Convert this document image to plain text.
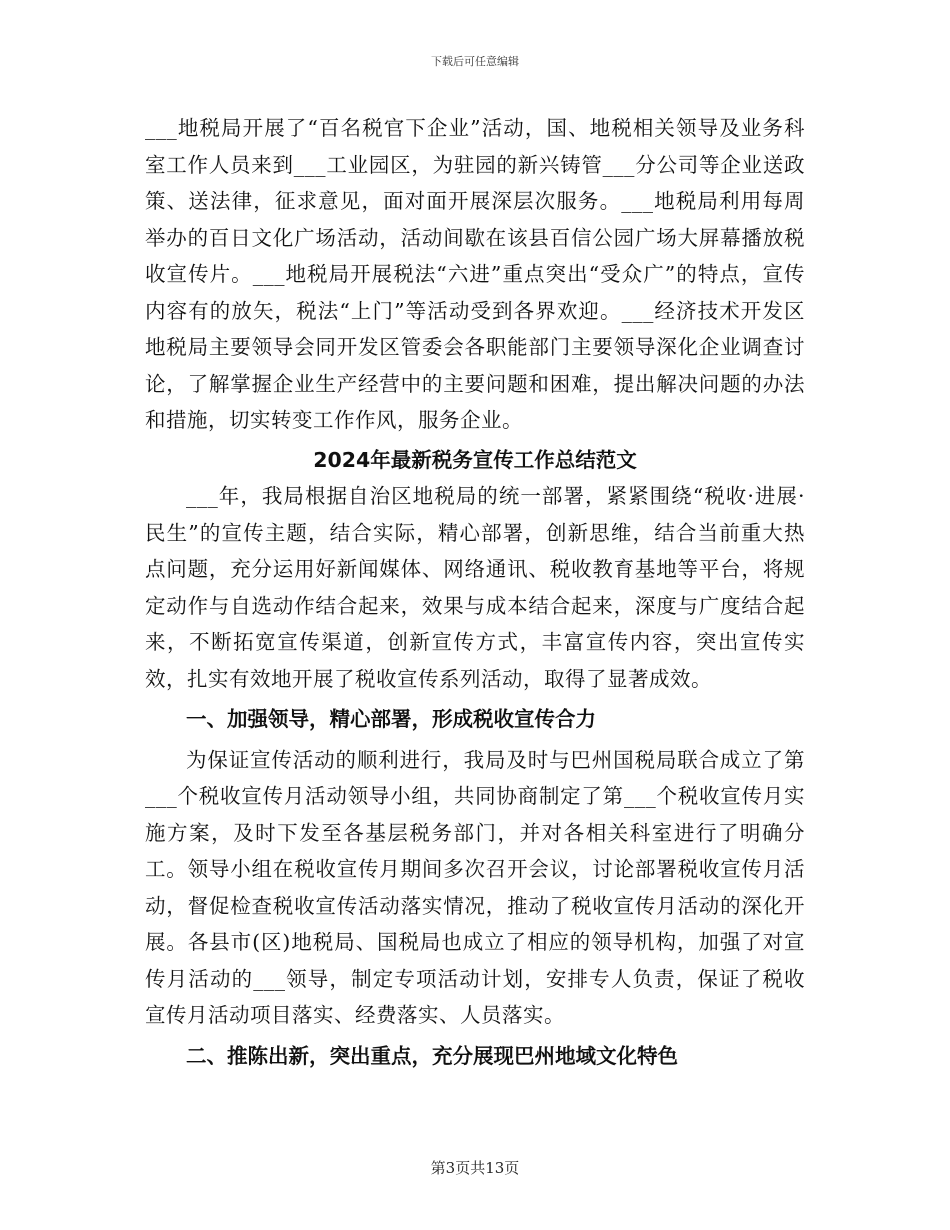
下载后可任意编辑

___地税局开展了“百名税官下企业”活动，国、地税相关领导及业务科室工作人员来到___工业园区，为驻园的新兴铸管___分公司等企业送政策、送法律，征求意见，面对面开展深层次服务。___地税局利用每周举办的百日文化广场活动，活动间歇在该县百信公园广场大屏幕播放税收宣传片。___地税局开展税法“六进”重点突出“受众广”的特点，宣传内容有的放矢，税法“上门”等活动受到各界欢迎。___经济技术开发区地税局主要领导会同开发区管委会各职能部门主要领导深化企业调查讨论，了解掌握企业生产经营中的主要问题和困难，提出解决问题的办法和措施，切实转变工作作风，服务企业。

2024年最新税务宣传工作总结范文

___年，我局根据自治区地税局的统一部署，紧紧围绕“税收·进展·民生”的宣传主题，结合实际，精心部署，创新思维，结合当前重大热点问题，充分运用好新闻媒体、网络通讯、税收教育基地等平台，将规定动作与自选动作结合起来，效果与成本结合起来，深度与广度结合起来，不断拓宽宣传渠道，创新宣传方式，丰富宣传内容，突出宣传实效，扎实有效地开展了税收宣传系列活动，取得了显著成效。

一、加强领导，精心部署，形成税收宣传合力

为保证宣传活动的顺利进行，我局及时与巴州国税局联合成立了第___个税收宣传月活动领导小组，共同协商制定了第___个税收宣传月实施方案，及时下发至各基层税务部门，并对各相关科室进行了明确分工。领导小组在税收宣传月期间多次召开会议，讨论部署税收宣传月活动，督促检查税收宣传活动落实情况，推动了税收宣传月活动的深化开展。各县市(区)地税局、国税局也成立了相应的领导机构，加强了对宣传月活动的___领导，制定专项活动计划，安排专人负责，保证了税收宣传月活动项目落实、经费落实、人员落实。

二、推陈出新，突出重点，充分展现巴州地域文化特色

第3页共13页
